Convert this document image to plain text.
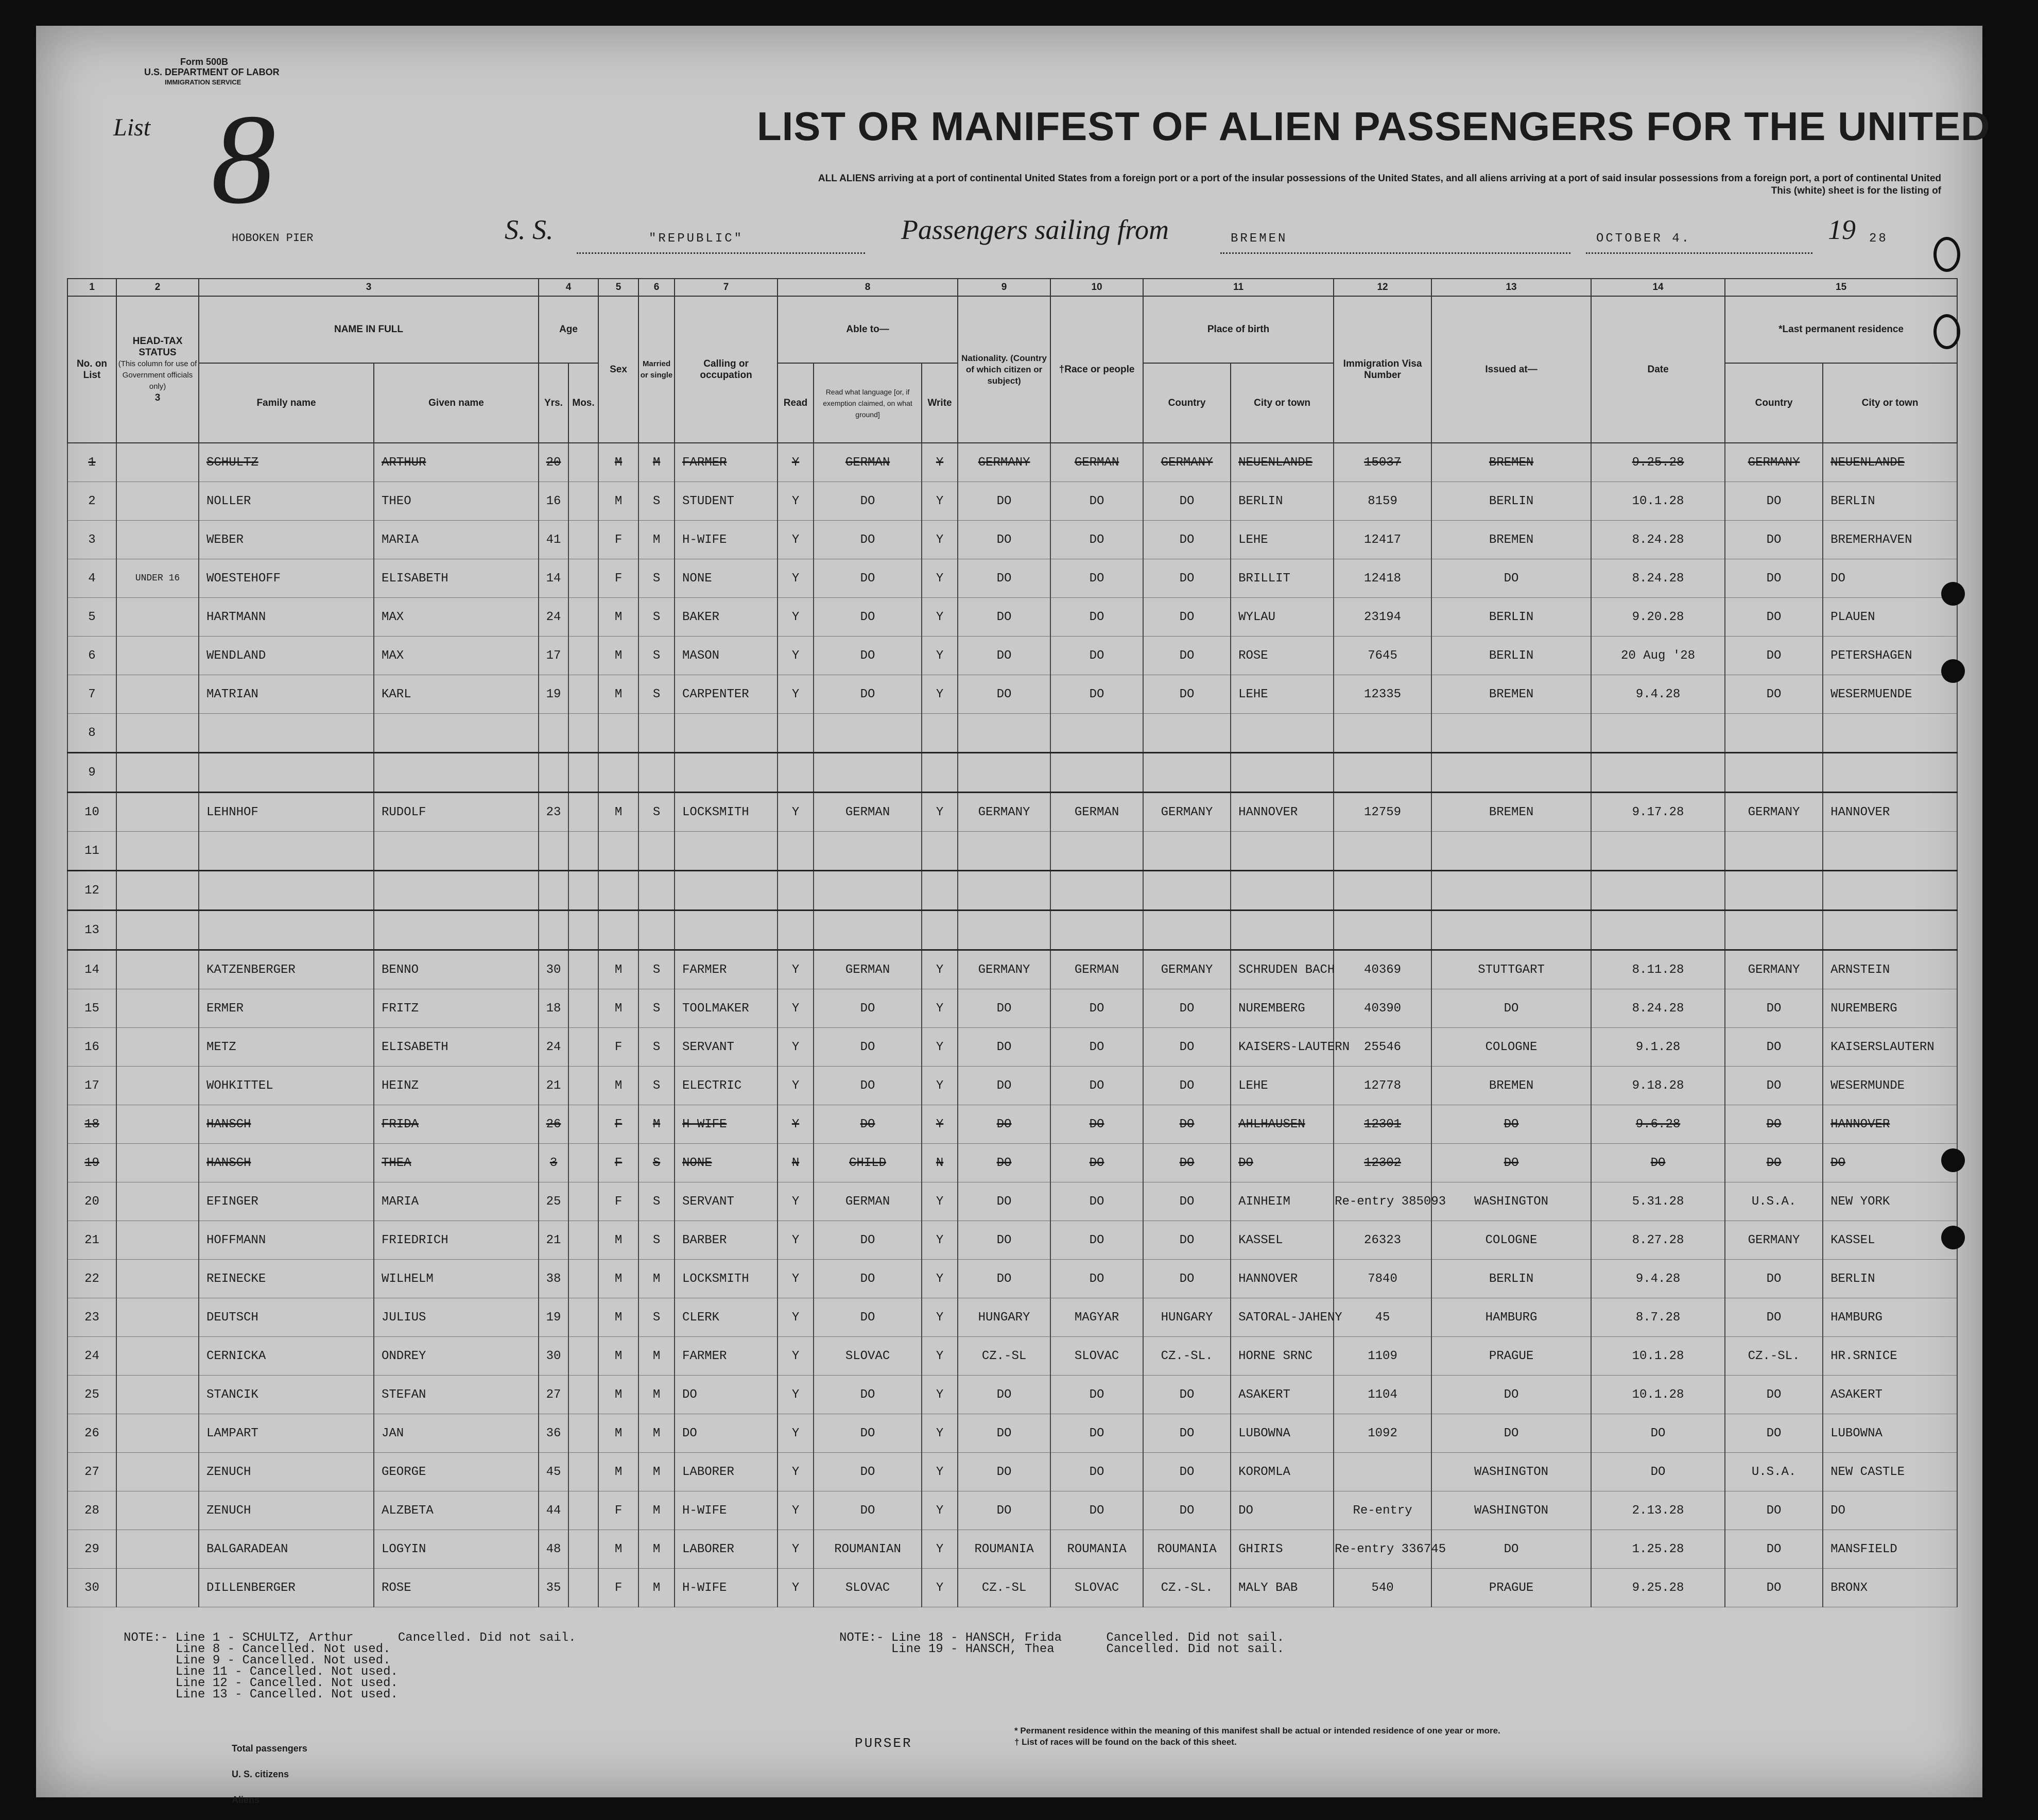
Form 500B
U.S. DEPARTMENT OF LABOR
IMMIGRATION SERVICE
List 8	LIST OR MANIFEST OF ALIEN PASSENGERS FOR THE UNITED
ALL ALIENS arriving at a port of continental United States from a foreign port or a port of the insular possessions of the United States, and all aliens arriving at a port of said insular possessions from a foreign port, a port of continental United
This (white) sheet is for the listing of
HOBOKEN PIER	S. S.	"REPUBLIC"	Passengers sailing from	BREMEN	OCTOBER 4.	19 28
1	2	3		4		5	6	7	8			9	10	11		12	13	14	15	
No. on List	HEAD-TAX STATUS
(This column for use of Government officials only)
3	NAME IN FULL		Age		Sex	Married or single	Calling or occupation	Able to—			Nationality. (Country of which citizen or subject)	†Race or people	Place of birth		Immigration Visa Number	Issued at—	Date	*Last permanent residence	
		Family name	Given name	Yrs.	Mos.				Read	Read what language [or, if exemption claimed, on what ground]	Write			Country	City or town				Country	City or town
1		SCHULTZ	ARTHUR	20		M	M	FARMER	Y	GERMAN	Y	GERMANY	GERMAN	GERMANY	NEUENLANDE	15037	BREMEN	9.25.28	GERMANY	NEUENLANDE
2		NOLLER	THEO	16		M	S	STUDENT	Y	DO	Y	DO	DO	DO	BERLIN	8159	BERLIN	10.1.28	DO	BERLIN
3		WEBER	MARIA	41		F	M	H-WIFE	Y	DO	Y	DO	DO	DO	LEHE	12417	BREMEN	8.24.28	DO	BREMERHAVEN
4	UNDER 16	WOESTEHOFF	ELISABETH	14		F	S	NONE	Y	DO	Y	DO	DO	DO	BRILLIT	12418	DO	8.24.28	DO	DO
5		HARTMANN	MAX	24		M	S	BAKER	Y	DO	Y	DO	DO	DO	WYLAU	23194	BERLIN	9.20.28	DO	PLAUEN
6		WENDLAND	MAX	17		M	S	MASON	Y	DO	Y	DO	DO	DO	ROSE	7645	BERLIN	20 Aug '28	DO	PETERSHAGEN
7		MATRIAN	KARL	19		M	S	CARPENTER	Y	DO	Y	DO	DO	DO	LEHE	12335	BREMEN	9.4.28	DO	WESERMUENDE
8																				
9																				
10		LEHNHOF	RUDOLF	23		M	S	LOCKSMITH	Y	GERMAN	Y	GERMANY	GERMAN	GERMANY	HANNOVER	12759	BREMEN	9.17.28	GERMANY	HANNOVER
11																				
12																				
13																				
14		KATZENBERGER	BENNO	30		M	S	FARMER	Y	GERMAN	Y	GERMANY	GERMAN	GERMANY	SCHRUDEN BACH	40369	STUTTGART	8.11.28	GERMANY	ARNSTEIN
15		ERMER	FRITZ	18		M	S	TOOLMAKER	Y	DO	Y	DO	DO	DO	NUREMBERG	40390	DO	8.24.28	DO	NUREMBERG
16		METZ	ELISABETH	24		F	S	SERVANT	Y	DO	Y	DO	DO	DO	KAISERS-LAUTERN	25546	COLOGNE	9.1.28	DO	KAISERSLAUTERN
17		WOHKITTEL	HEINZ	21		M	S	ELECTRIC	Y	DO	Y	DO	DO	DO	LEHE	12778	BREMEN	9.18.28	DO	WESERMUNDE
18		HANSCH	FRIDA	26		F	M	H-WIFE	Y	DO	Y	DO	DO	DO	AHLHAUSEN	12301	DO	9.6.28	DO	HANNOVER
19		HANSCH	THEA	3		F	S	NONE	N	CHILD	N	DO	DO	DO	DO	12302	DO	DO	DO	DO
20		EFINGER	MARIA	25		F	S	SERVANT	Y	GERMAN	Y	DO	DO	DO	AINHEIM	Re-entry 385093	WASHINGTON	5.31.28	U.S.A.	NEW YORK
21		HOFFMANN	FRIEDRICH	21		M	S	BARBER	Y	DO	Y	DO	DO	DO	KASSEL	26323	COLOGNE	8.27.28	GERMANY	KASSEL
22		REINECKE	WILHELM	38		M	M	LOCKSMITH	Y	DO	Y	DO	DO	DO	HANNOVER	7840	BERLIN	9.4.28	DO	BERLIN
23		DEUTSCH	JULIUS	19		M	S	CLERK	Y	DO	Y	HUNGARY	MAGYAR	HUNGARY	SATORAL-JAHENY	45	HAMBURG	8.7.28	DO	HAMBURG
24		CERNICKA	ONDREY	30		M	M	FARMER	Y	SLOVAC	Y	CZ.-SL	SLOVAC	CZ.-SL.	HORNE SRNC	1109	PRAGUE	10.1.28	CZ.-SL.	HR.SRNICE
25		STANCIK	STEFAN	27		M	M	DO	Y	DO	Y	DO	DO	DO	ASAKERT	1104	DO	10.1.28	DO	ASAKERT
26		LAMPART	JAN	36		M	M	DO	Y	DO	Y	DO	DO	DO	LUBOWNA	1092	DO	DO	DO	LUBOWNA
27		ZENUCH	GEORGE	45		M	M	LABORER	Y	DO	Y	DO	DO	DO	KOROMLA		WASHINGTON	DO	U.S.A.	NEW CASTLE
28		ZENUCH	ALZBETA	44		F	M	H-WIFE	Y	DO	Y	DO	DO	DO	DO	Re-entry	WASHINGTON	2.13.28	DO	DO
29		BALGARADEAN	LOGYIN	48		M	M	LABORER	Y	ROUMANIAN	Y	ROUMANIA	ROUMANIA	ROUMANIA	GHIRIS	Re-entry 336745	DO	1.25.28	DO	MANSFIELD
30		DILLENBERGER	ROSE	35		F	M	H-WIFE	Y	SLOVAC	Y	CZ.-SL	SLOVAC	CZ.-SL.	MALY BAB	540	PRAGUE	9.25.28	DO	BRONX
NOTE:- Line 1 - SCHULTZ, Arthur      Cancelled. Did not sail.
Line 8 - Cancelled. Not used.
Line 9 - Cancelled. Not used.
Line 11 - Cancelled. Not used.
Line 12 - Cancelled. Not used.
Line 13 - Cancelled. Not used.
NOTE:- Line 18 - HANSCH, Frida      Cancelled. Did not sail.
Line 19 - HANSCH, Thea       Cancelled. Did not sail.
Total passengers
U. S. citizens
Aliens
PURSER
* Permanent residence within the meaning of this manifest shall be actual or intended residence of one year or more.
† List of races will be found on the back of this sheet.
